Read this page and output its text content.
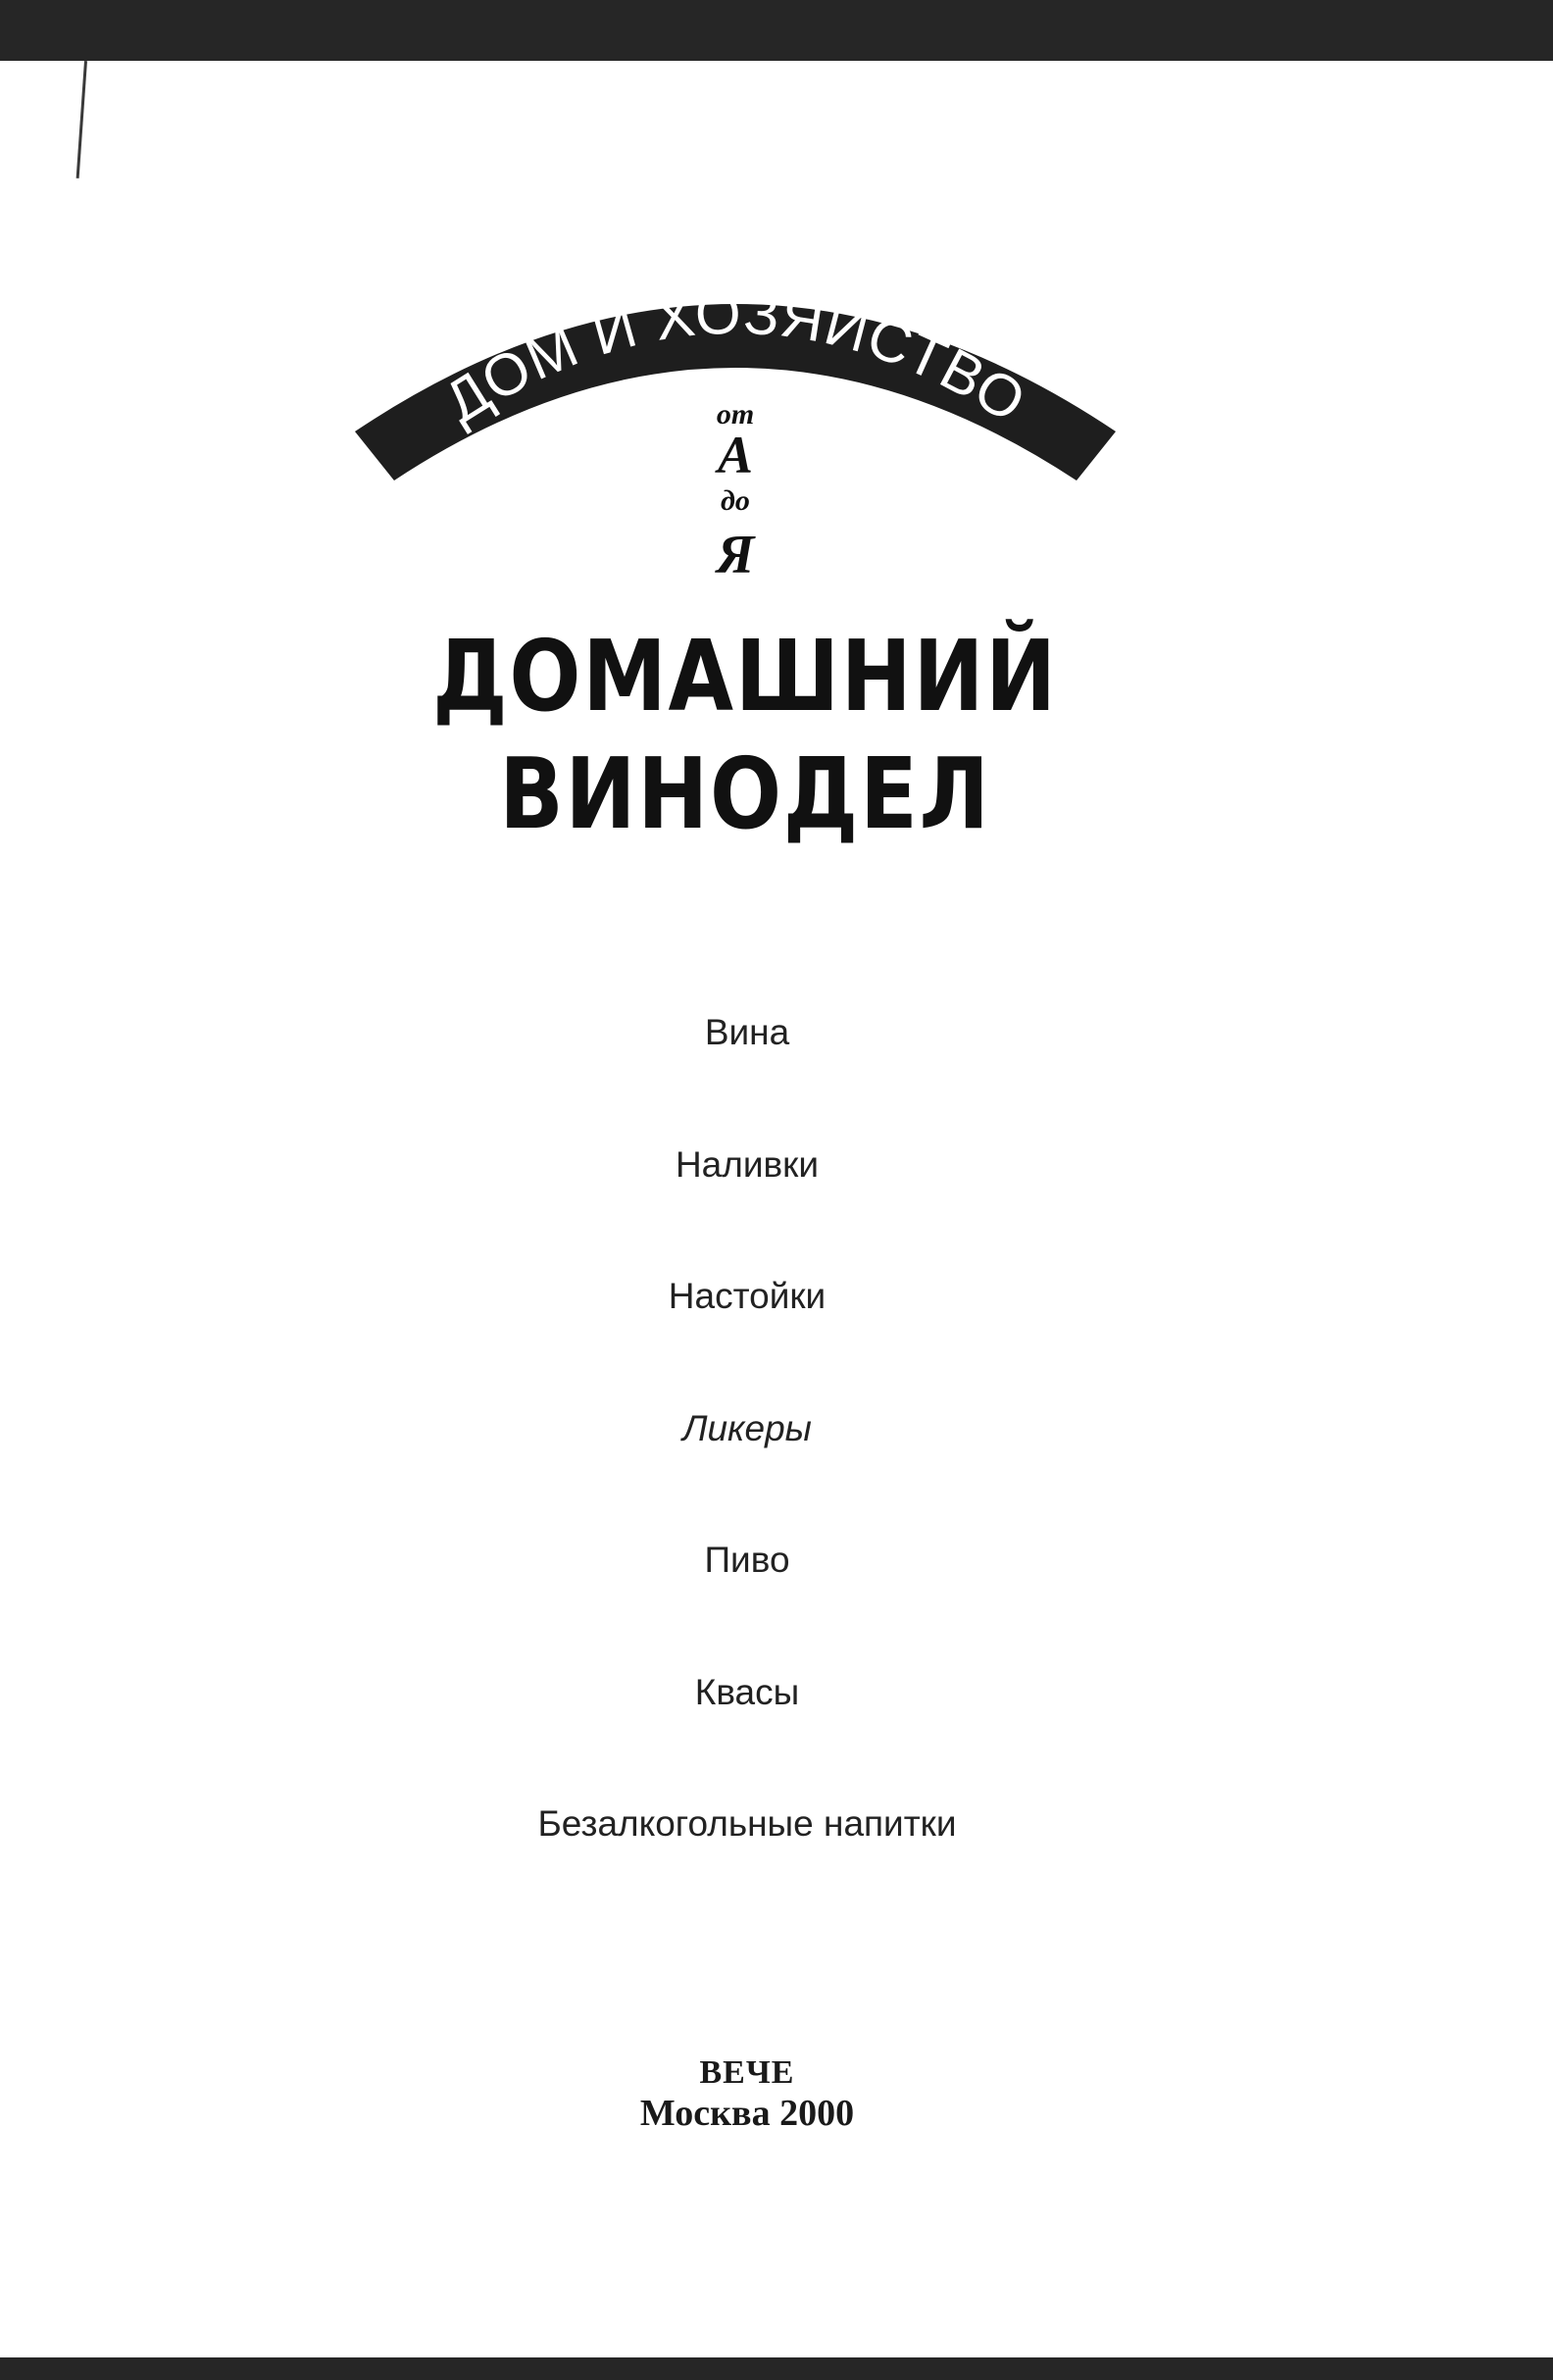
ДОМ И ХОЗЯЙСТВО
от
А
до
Я
ДОМАШНИЙ
ВИНОДЕЛ
Вина
Наливки
Настойки
Ликеры
Пиво
Квасы
Безалкогольные напитки
ВЕЧЕ
Москва 2000
